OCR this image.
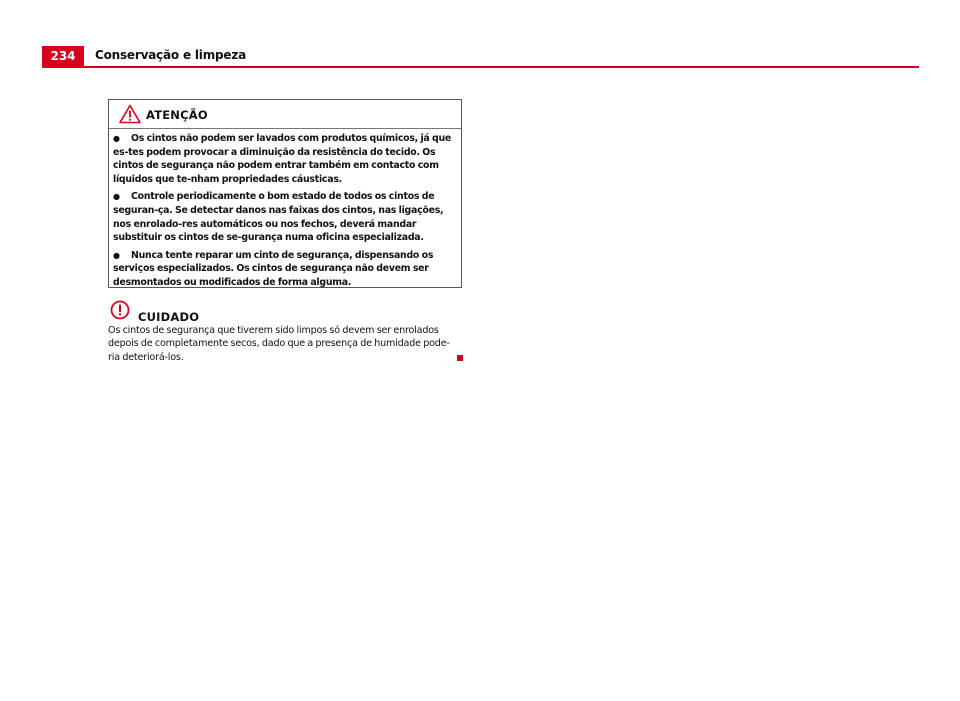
234	Conservação e limpeza
ATENÇÃO

● Os cintos não podem ser lavados com produtos químicos, já que es-tes podem provocar a diminuição da resistência do tecido. Os cintos de segurança não podem entrar também em contacto com líquidos que te-nham propriedades cáusticas.

● Controle periodicamente o bom estado de todos os cintos de seguran-ça. Se detectar danos nas faixas dos cintos, nas ligações, nos enrolado-res automáticos ou nos fechos, deverá mandar substituir os cintos de se-gurança numa oficina especializada.

● Nunca tente reparar um cinto de segurança, dispensando os serviços especializados. Os cintos de segurança não devem ser desmontados ou modificados de forma alguma.

CUIDADO
Os cintos de segurança que tiverem sido limpos só devem ser enrolados depois de completamente secos, dado que a presença de humidade pode-ria deteriorá-los.
